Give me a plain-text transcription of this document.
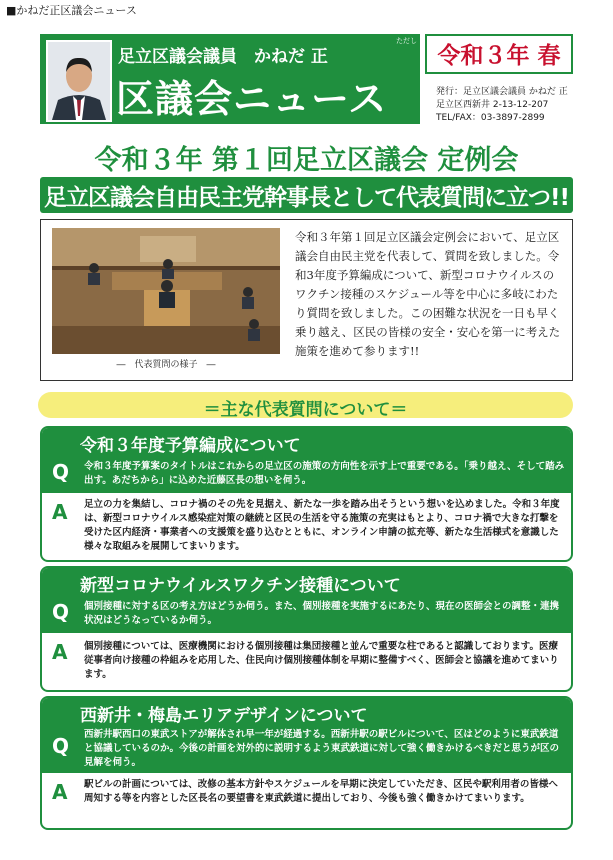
■かねだ正区議会ニュース
足立区議会議員　かねだ 正
ただし
区議会ニュース
令和３年 春
発行：足立区議会議員 かねだ 正
足立区西新井 2-13-12-207
TEL/FAX：03-3897-2899
令和３年 第１回足立区議会 定例会
足立区議会自由民主党幹事長として代表質問に立つ!!
―　代表質問の様子　―
令和３年第１回足立区議会定例会において、足立区議会自由民主党を代表して、質問を致しました。令和3年度予算編成について、新型コロナウイルスのワクチン接種のスケジュール等を中心に多岐にわたり質問を致しました。この困難な状況を一日も早く乗り越え、区民の皆様の安全・安心を第一に考えた施策を進めて参ります!!
＝主な代表質問について＝
令和３年度予算編成について
Q 令和３年度予算案のタイトルはこれからの足立区の施策の方向性を示す上で重要である。「乗り越え、そして踏み出す。あだちから」に込めた近藤区長の想いを伺う。
A 足立の力を集結し、コロナ禍のその先を見据え、新たな一歩を踏み出そうという想いを込めました。令和３年度は、新型コロナウイルス感染症対策の継続と区民の生活を守る施策の充実はもとより、コロナ禍で大きな打撃を受けた区内経済・事業者への支援策を盛り込むとともに、オンライン申請の拡充等、新たな生活様式を意識した様々な取組みを展開してまいります。
新型コロナウイルスワクチン接種について
Q 個別接種に対する区の考え方はどうか伺う。また、個別接種を実施するにあたり、現在の医師会との調整・連携状況はどうなっているか伺う。
A 個別接種については、医療機関における個別接種は集団接種と並んで重要な柱であると認識しております。医療従事者向け接種の枠組みを応用した、住民向け個別接種体制を早期に整備すべく、医師会と協議を進めてまいります。
西新井・梅島エリアデザインについて
Q 西新井駅西口の東武ストアが解体され早一年が経過する。西新井駅の駅ビルについて、区はどのように東武鉄道と協議しているのか。今後の計画を対外的に説明するよう東武鉄道に対して強く働きかけるべきだと思うが区の見解を伺う。
A 駅ビルの計画については、改修の基本方針やスケジュールを早期に決定していただき、区民や駅利用者の皆様へ周知する等を内容とした区長名の要望書を東武鉄道に提出しており、今後も強く働きかけてまいります。
